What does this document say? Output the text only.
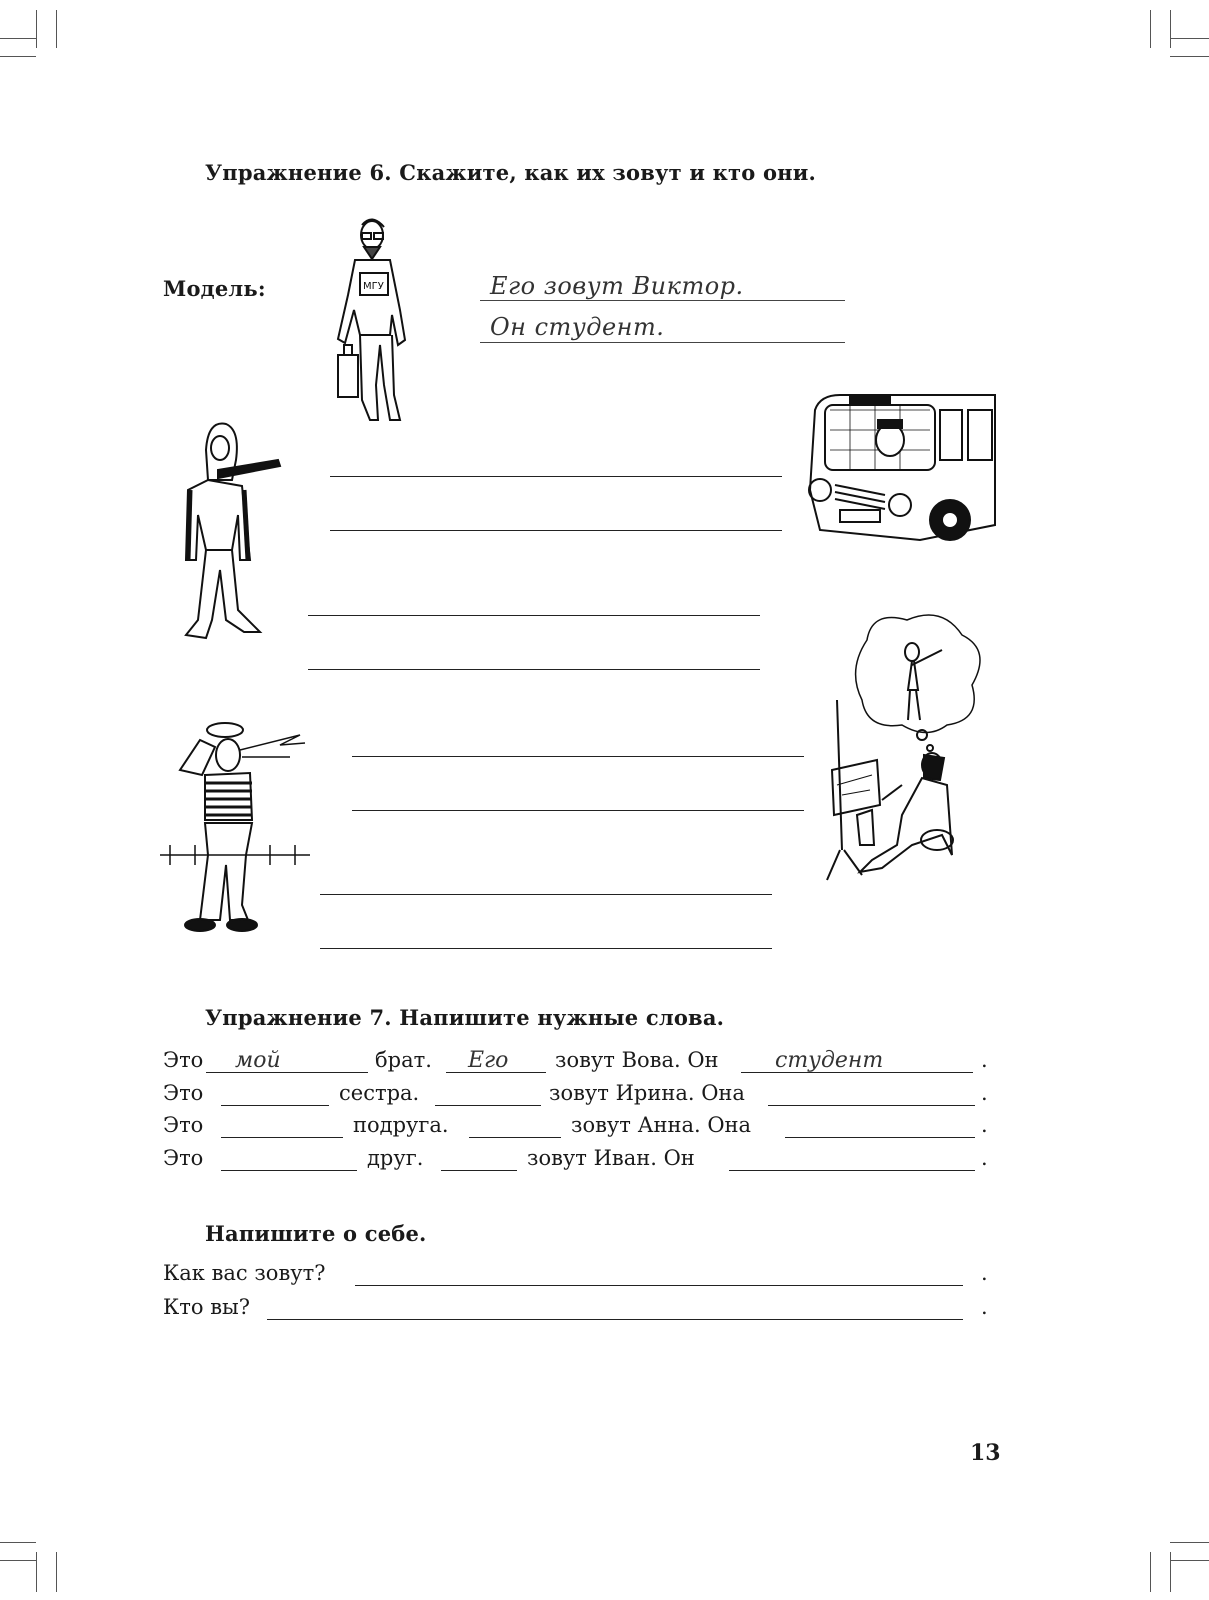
Упражнение 6. Скажите, как их зовут и кто они.
Модель:	МГУ	Его зовут Виктор.
Он студент.
Упражнение 7. Напишите нужные слова.
Это мой	брат. Его зовут Вова. Он	студент	.
Это	сестра.	зовут Ирина. Она	.
Это	подруга.	зовут Анна. Она	.
Это	друг.	зовут Иван. Он	.
Напишите о себе.
Как вас зовут?	.
Кто вы?	.
13
